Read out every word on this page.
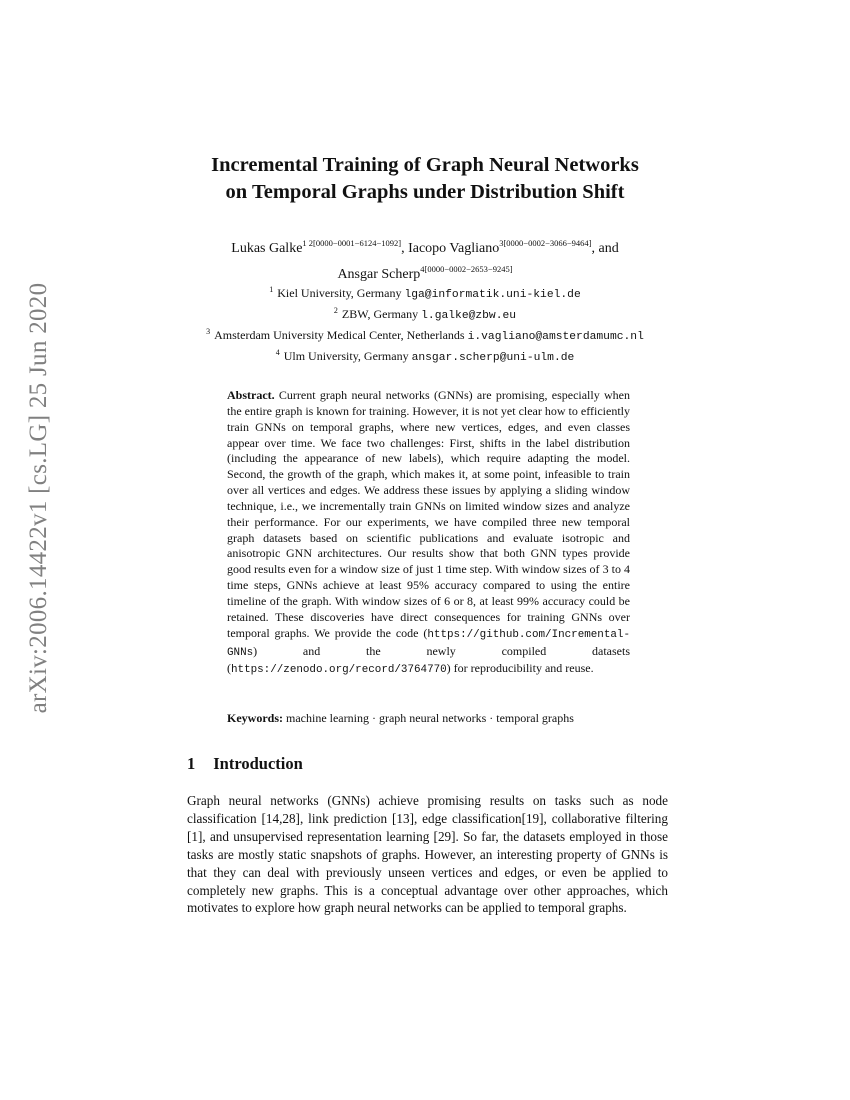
arXiv:2006.14422v1 [cs.LG] 25 Jun 2020
Incremental Training of Graph Neural Networks
on Temporal Graphs under Distribution Shift
Lukas Galke$^{1 2[0000-0001-6124-1092]}$, Iacopo Vagliano$^{3[0000-0002-3066-9464]}$, and
Ansgar Scherp$^{4[0000-0002-2653-9245]}$
$^1$ Kiel University, Germany lga@informatik.uni-kiel.de
$^2$ ZBW, Germany l.galke@zbw.eu
$^3$ Amsterdam University Medical Center, Netherlands i.vagliano@amsterdamumc.nl
$^4$ Ulm University, Germany ansgar.scherp@uni-ulm.de
Abstract. Current graph neural networks (GNNs) are promising, especially when the entire graph is known for training. However, it is not yet clear how to efficiently train GNNs on temporal graphs, where new vertices, edges, and even classes appear over time. We face two challenges: First, shifts in the label distribution (including the appearance of new labels), which require adapting the model. Second, the growth of the graph, which makes it, at some point, infeasible to train over all vertices and edges. We address these issues by applying a sliding window technique, i.e., we incrementally train GNNs on limited window sizes and analyze their performance. For our experiments, we have compiled three new temporal graph datasets based on scientific publications and evaluate isotropic and anisotropic GNN architectures. Our results show that both GNN types provide good results even for a window size of just 1 time step. With window sizes of 3 to 4 time steps, GNNs achieve at least 95% accuracy compared to using the entire timeline of the graph. With window sizes of 6 or 8, at least 99% accuracy could be retained. These discoveries have direct consequences for training GNNs over temporal graphs. We provide the code (https://github.com/Incremental-GNNs) and the newly compiled datasets (https://zenodo.org/record/3764770) for reproducibility and reuse.
Keywords: machine learning · graph neural networks · temporal graphs
1 Introduction
Graph neural networks (GNNs) achieve promising results on tasks such as node classification [14,28], link prediction [13], edge classification[19], collaborative filtering [1], and unsupervised representation learning [29]. So far, the datasets employed in those tasks are mostly static snapshots of graphs. However, an interesting property of GNNs is that they can deal with previously unseen vertices and edges, or even be applied to completely new graphs. This is a conceptual advantage over other approaches, which motivates to explore how graph neural networks can be applied to temporal graphs.
